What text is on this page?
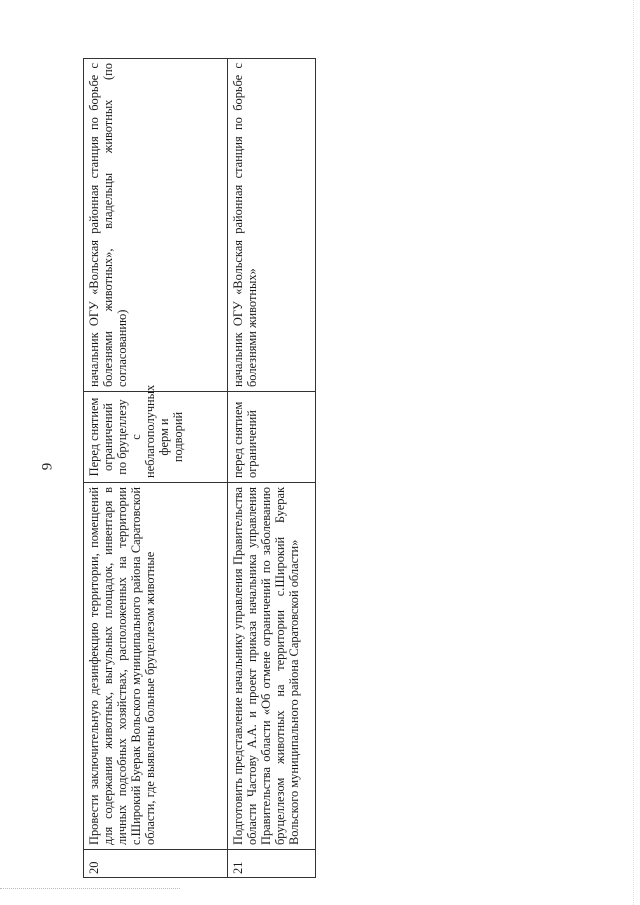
9
20	Провести заключительную дезинфекцию территории, помещений для содержания животных, выгульных площадок, инвентаря в личных подсобных хозяйствах, расположенных на территории с.Широкий Буерак Вольского муниципального района Саратовской области, где выявлены больные бруцеллезом животные	Перед снятием ограничений по бруцеллезу с неблагополучных ферм и подворий	начальник ОГУ «Вольская районная станция по борьбе с болезнями животных», владельцы животных (по согласованию)
21	Подготовить представление начальнику управления Правительства области Частову А.А. и проект приказа начальника управления Правительства области «Об отмене ограничений по заболеванию бруцеллезом животных на территории с.Широкий Буерак Вольского муниципального района Саратовской области»	перед снятием ограничений	начальник ОГУ «Вольская районная станция по борьбе с болезнями животных»
